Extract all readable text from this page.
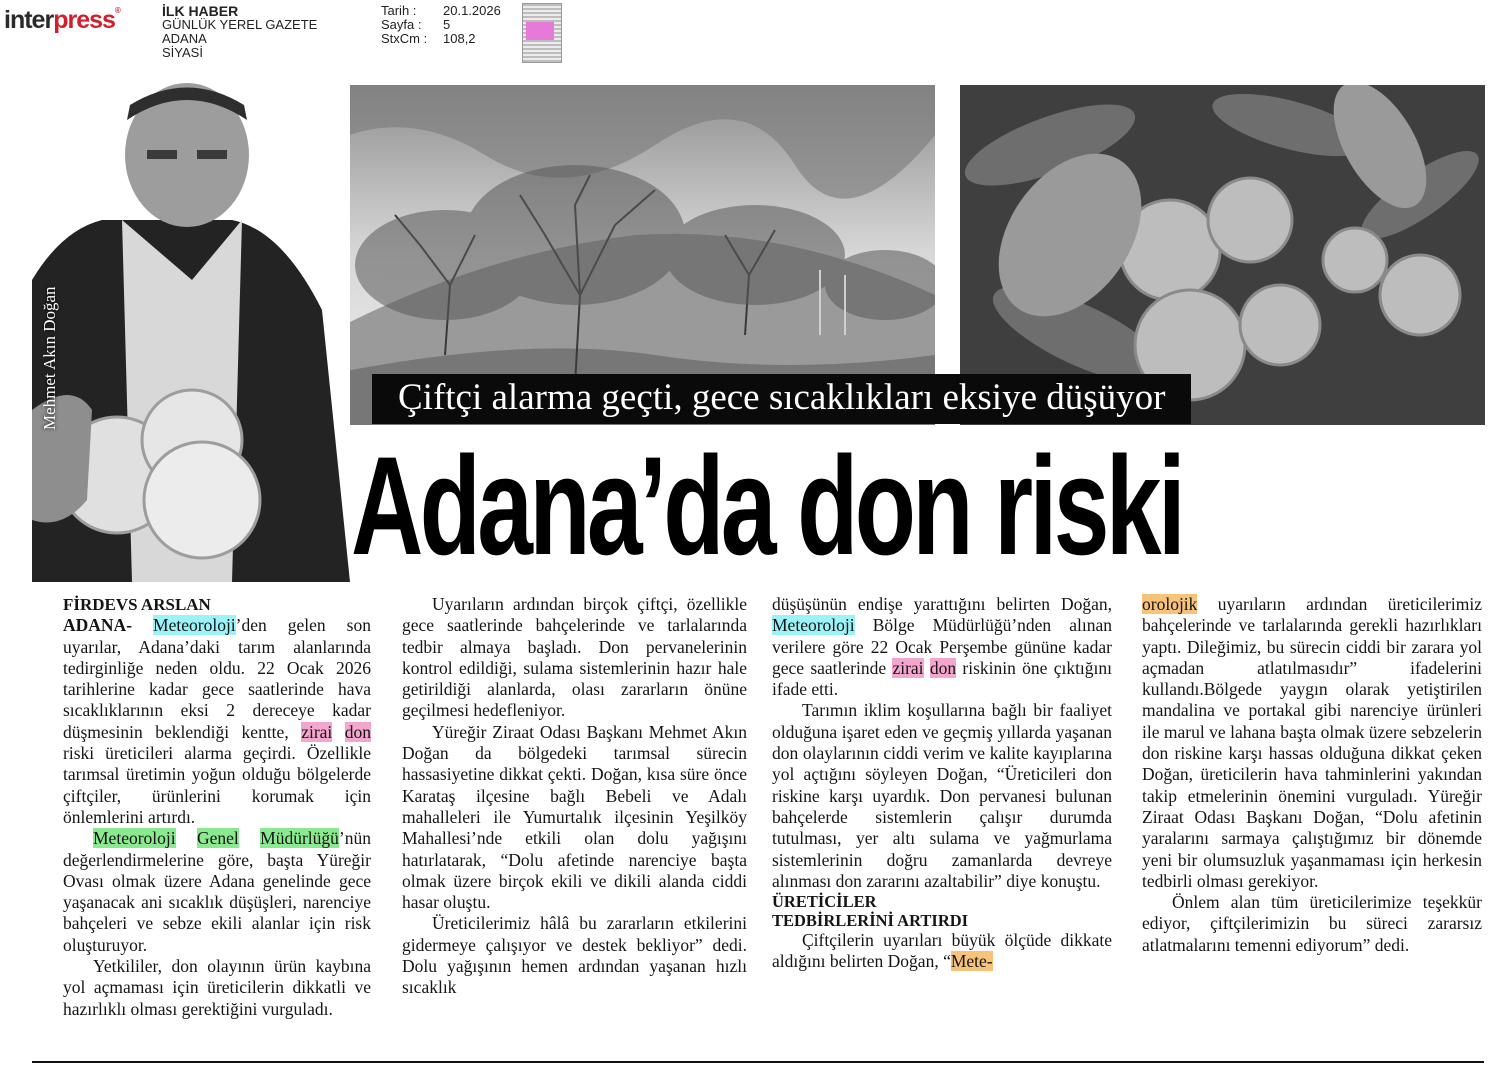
interpress®	İLK HABER
GÜNLÜK YEREL GAZETE
ADANA
SİYASİ
Tarih :	20.1.2026
Sayfa :	5
StxCm :	108,2
Mehmet Akın Doğan	Çiftçi alarma geçti, gece sıcaklıkları eksiye düşüyor
Adana’da don riski

FİRDEVS ARSLAN

ADANA- Meteoroloji’den gelen son uyarılar, Adana’daki tarım alanlarında tedirginliğe neden oldu. 22 Ocak 2026 tarihlerine kadar gece saatlerinde hava sıcaklıklarının eksi 2 dereceye kadar düşmesinin beklendiği kentte, zirai don riski üreticileri alarma geçirdi. Özellikle tarımsal üretimin yoğun olduğu bölgelerde çiftçiler, ürünlerini korumak için önlemlerini artırdı.

Meteoroloji Genel Müdürlüğü’nün değerlendirmelerine göre, başta Yüreğir Ovası olmak üzere Adana genelinde gece yaşanacak ani sıcaklık düşüşleri, narenciye bahçeleri ve sebze ekili alanlar için risk oluşturuyor.

Yetkililer, don olayının ürün kaybına yol açmaması için üreticilerin dikkatli ve hazırlıklı olması gerektiğini vurguladı.

Uyarıların ardından birçok çiftçi, özellikle gece saatlerinde bahçelerinde ve tarlalarında tedbir almaya başladı. Don pervanelerinin kontrol edildiği, sulama sistemlerinin hazır hale getirildiği alanlarda, olası zararların önüne geçilmesi hedefleniyor.

Yüreğir Ziraat Odası Başkanı Mehmet Akın Doğan da bölgedeki tarımsal sürecin hassasiyetine dikkat çekti. Doğan, kısa süre önce Karataş ilçesine bağlı Bebeli ve Adalı mahalleleri ile Yumurtalık ilçesinin Yeşilköy Mahallesi’nde etkili olan dolu yağışını hatırlatarak, “Dolu afetinde narenciye başta olmak üzere birçok ekili ve dikili alanda ciddi hasar oluştu.

Üreticilerimiz hâlâ bu zararların etkilerini gidermeye çalışıyor ve destek bekliyor” dedi. Dolu yağışının hemen ardından yaşanan hızlı sıcaklık

düşüşünün endişe yarattığını belirten Doğan, Meteoroloji Bölge Müdürlüğü’nden alınan verilere göre 22 Ocak Perşembe gününe kadar gece saatlerinde zirai don riskinin öne çıktığını ifade etti.

Tarımın iklim koşullarına bağlı bir faaliyet olduğuna işaret eden ve geçmiş yıllarda yaşanan don olaylarının ciddi verim ve kalite kayıplarına yol açtığını söyleyen Doğan, “Üreticileri don riskine karşı uyardık. Don pervanesi bulunan bahçelerde sistemlerin çalışır durumda tutulması, yer altı sulama ve yağmurlama sistemlerinin doğru zamanlarda devreye alınması don zararını azaltabilir” diye konuştu.

ÜRETİCİLER
TEDBİRLERİNİ ARTIRDI

Çiftçilerin uyarıları büyük ölçüde dikkate aldığını belirten Doğan, “Mete-

orolojik uyarıların ardından üreticilerimiz bahçelerinde ve tarlalarında gerekli hazırlıkları yaptı. Dileğimiz, bu sürecin ciddi bir zarara yol açmadan atlatılmasıdır” ifadelerini kullandı.Bölgede yaygın olarak yetiştirilen mandalina ve portakal gibi narenciye ürünleri ile marul ve lahana başta olmak üzere sebzelerin don riskine karşı hassas olduğuna dikkat çeken Doğan, üreticilerin hava tahminlerini yakından takip etmelerinin önemini vurguladı. Yüreğir Ziraat Odası Başkanı Doğan, “Dolu afetinin yaralarını sarmaya çalıştığımız bir dönemde yeni bir olumsuzluk yaşanmaması için herkesin tedbirli olması gerekiyor.

Önlem alan tüm üreticilerimize teşekkür ediyor, çiftçilerimizin bu süreci zararsız atlatmalarını temenni ediyorum” dedi.
